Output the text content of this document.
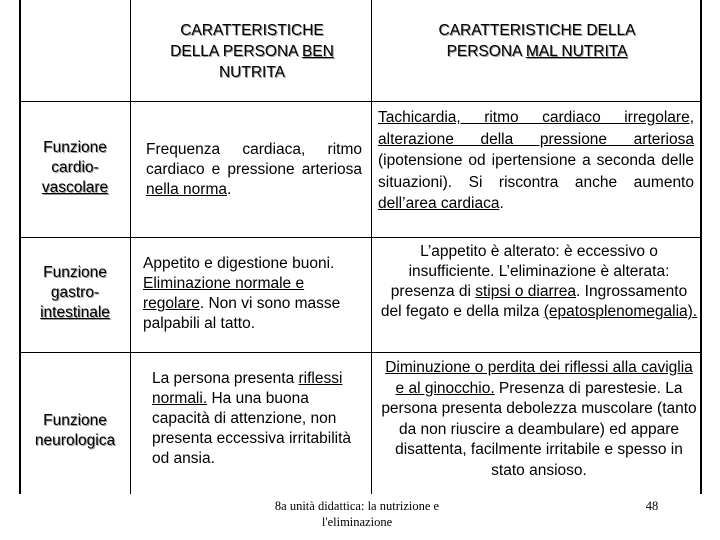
CARATTERISTICHE
DELLA PERSONA BEN
NUTRITA
CARATTERISTICHE DELLA
PERSONA MAL NUTRITA
Funzione
cardio-
vascolare
Frequenza cardiaca, ritmo cardiaco e pressione arteriosa nella norma.
Tachicardia, ritmo cardiaco irregolare, alterazione della pressione arteriosa (ipotensione od ipertensione a seconda delle situazioni). Si riscontra anche aumento dell’area cardiaca.
Funzione
gastro-
intestinale
Appetito e digestione buoni. Eliminazione normale e regolare. Non vi sono masse palpabili al tatto.
L’appetito è alterato: è eccessivo o insufficiente. L’eliminazione è alterata: presenza di stipsi o diarrea. Ingrossamento del fegato e della milza (epatosplenomegalia).
Funzione
neurologica
La persona presenta riflessi normali. Ha una buona capacità di attenzione, non presenta eccessiva irritabilità od ansia.
Diminuzione o perdita dei riflessi alla caviglia e al ginocchio. Presenza di parestesie. La persona presenta debolezza muscolare (tanto da non riuscire a deambulare) ed appare disattenta, facilmente irritabile e spesso in stato ansioso.
8a unità didattica: la nutrizione e
l'eliminazione
48
